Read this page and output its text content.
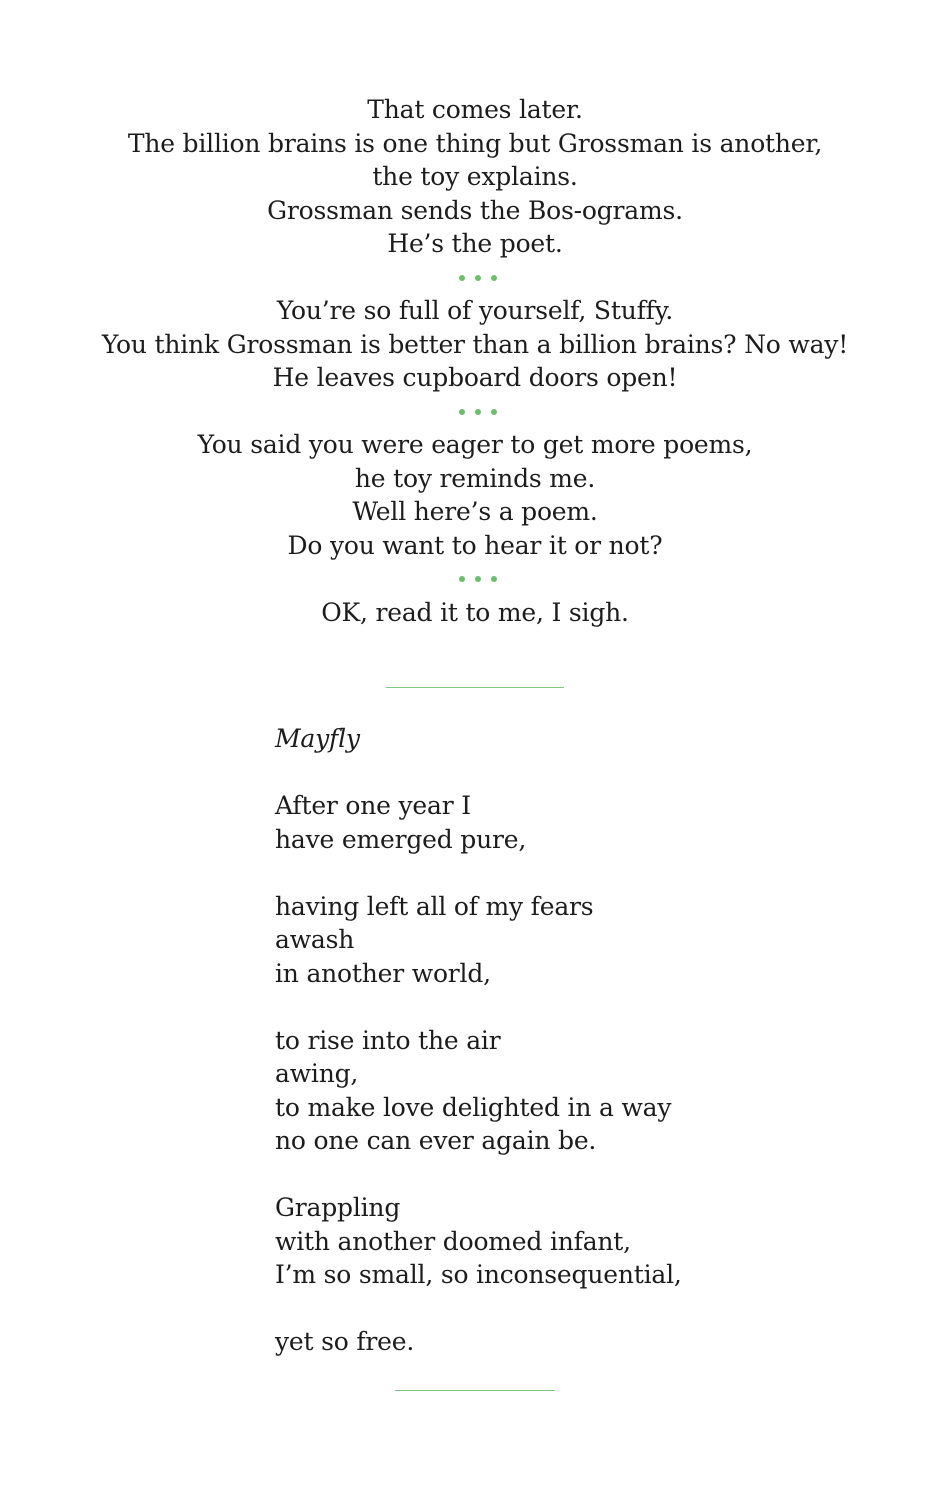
That comes later.
The billion brains is one thing but Grossman is another,
the toy explains.
Grossman sends the Bos-ograms.
He’s the poet.
You’re so full of yourself, Stuffy.
You think Grossman is better than a billion brains? No way!
He leaves cupboard doors open!
You said you were eager to get more poems,
he toy reminds me.
Well here’s a poem.
Do you want to hear it or not?
OK, read it to me, I sigh.
Mayfly
After one year I
have emerged pure,
having left all of my fears
awash
in another world,
to rise into the air
awing,
to make love delighted in a way
no one can ever again be.
Grappling
with another doomed infant,
I’m so small, so inconsequential,
yet so free.
